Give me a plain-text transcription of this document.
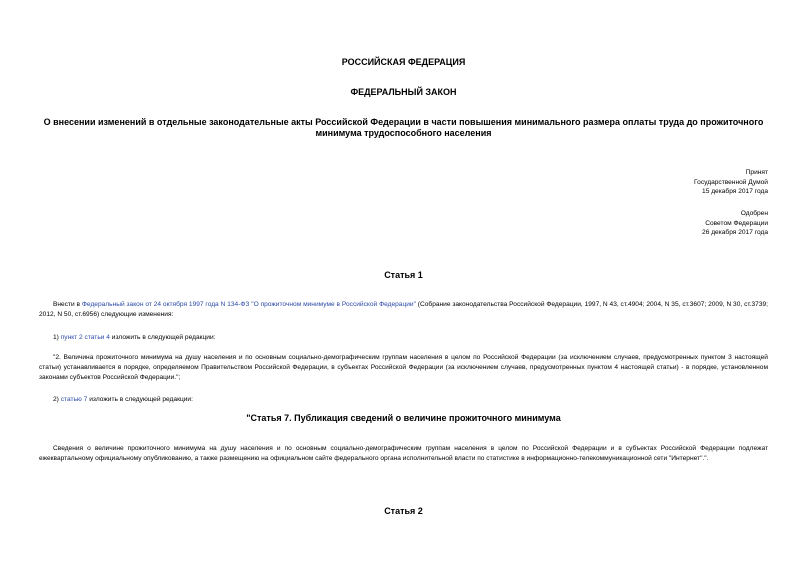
РОССИЙСКАЯ ФЕДЕРАЦИЯ
ФЕДЕРАЛЬНЫЙ ЗАКОН
О внесении изменений в отдельные законодательные акты Российской Федерации в части повышения минимального размера оплаты труда до прожиточного минимума трудоспособного населения
Принят
Государственной Думой
15 декабря 2017 года
Одобрен
Советом Федерации
26 декабря 2017 года
Статья 1
Внести в Федеральный закон от 24 октября 1997 года N 134-ФЗ "О прожиточном минимуме в Российской Федерации" (Собрание законодательства Российской Федерации, 1997, N 43, ст.4904; 2004, N 35, ст.3607; 2009, N 30, ст.3739; 2012, N 50, ст.6956) следующие изменения:
1) пункт 2 статьи 4 изложить в следующей редакции:
"2. Величина прожиточного минимума на душу населения и по основным социально-демографическим группам населения в целом по Российской Федерации (за исключением случаев, предусмотренных пунктом 3 настоящей статьи) устанавливается в порядке, определяемом Правительством Российской Федерации, в субъектах Российской Федерации (за исключением случаев, предусмотренных пунктом 4 настоящей статьи) - в порядке, установленном законами субъектов Российской Федерации.";
2) статью 7 изложить в следующей редакции:
"Статья 7. Публикация сведений о величине прожиточного минимума
Сведения о величине прожиточного минимума на душу населения и по основным социально-демографическим группам населения в целом по Российской Федерации и в субъектах Российской Федерации подлежат ежеквартальному официальному опубликованию, а также размещению на официальном сайте федерального органа исполнительной власти по статистике в информационно-телекоммуникационной сети "Интернет".".
Статья 2
